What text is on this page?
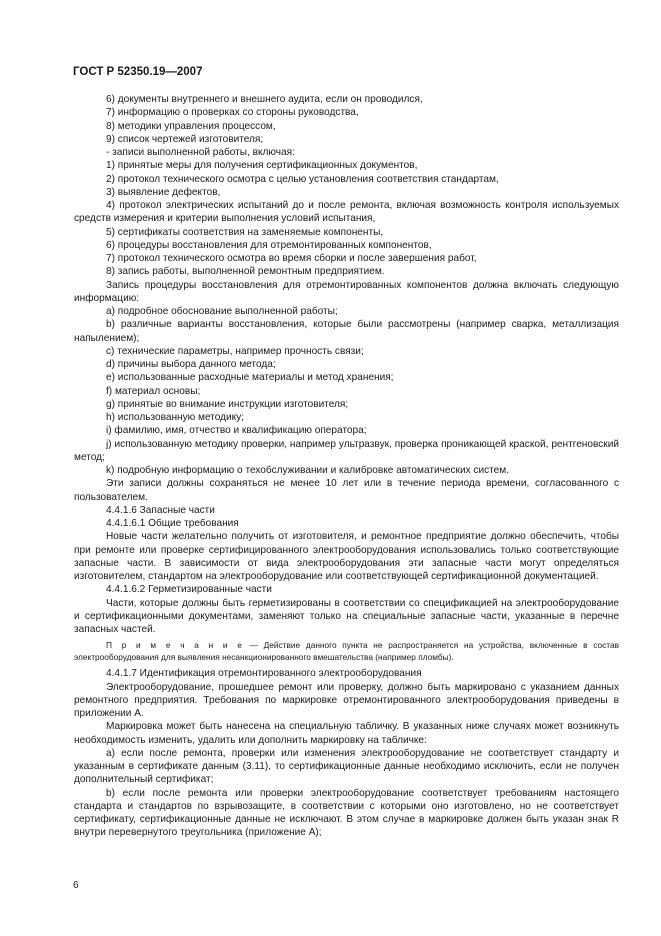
ГОСТ Р 52350.19—2007

6) документы внутреннего и внешнего аудита, если он проводился,

7) информацию о проверках со стороны руководства,

8) методики управления процессом,

9) список чертежей изготовителя;

- записи выполненной работы, включая:

1) принятые меры для получения сертификационных документов,

2) протокол технического осмотра с целью установления соответствия стандартам,

3) выявление дефектов,

4) протокол электрических испытаний до и после ремонта, включая возможность контроля используемых средств измерения и критерии выполнения условий испытания,

5) сертификаты соответствия на заменяемые компоненты,

6) процедуры восстановления для отремонтированных компонентов,

7) протокол технического осмотра во время сборки и после завершения работ,

8) запись работы, выполненной ремонтным предприятием.

Запись процедуры восстановления для отремонтированных компонентов должна включать следующую информацию:

a) подробное обоснование выполненной работы;

b) различные варианты восстановления, которые были рассмотрены (например сварка, металлизация напылением);

c) технические параметры, например прочность связи;

d) причины выбора данного метода;

e) использованные расходные материалы и метод хранения;

f) материал основы;

g) принятые во внимание инструкции изготовителя;

h) использованную методику;

i) фамилию, имя, отчество и квалификацию оператора;

j) использованную методику проверки, например ультразвук, проверка проникающей краской, рентгеновский метод;

k) подробную информацию о техобслуживании и калибровке автоматических систем.

Эти записи должны сохраняться не менее 10 лет или в течение периода времени, согласованного с пользователем.

4.4.1.6 Запасные части

4.4.1.6.1 Общие требования

Новые части желательно получить от изготовителя, и ремонтное предприятие должно обеспечить, чтобы при ремонте или проверке сертифицированного электрооборудования использовались только соответствующие запасные части. В зависимости от вида электрооборудования эти запасные части могут определяться изготовителем, стандартом на электрооборудование или соответствующей сертификационной документацией.

4.4.1.6.2 Герметизированные части

Части, которые должны быть герметизированы в соответствии со спецификацией на электрооборудование и сертификационными документами, заменяют только на специальные запасные части, указанные в перечне запасных частей.

П р и м е ч а н и е — Действие данного пункта не распространяется на устройства, включенные в состав электрооборудования для выявления несанкционированного вмешательства (например пломбы).

4.4.1.7 Идентификация отремонтированного электрооборудования

Электрооборудование, прошедшее ремонт или проверку, должно быть маркировано с указанием данных ремонтного предприятия. Требования по маркировке отремонтированного электрооборудования приведены в приложении А.

Маркировка может быть нанесена на специальную табличку. В указанных ниже случаях может возникнуть необходимость изменить, удалить или дополнить маркировку на табличке:

a) если после ремонта, проверки или изменения электрооборудование не соответствует стандарту и указанным в сертификате данным (3.11), то сертификационные данные необходимо исключить, если не получен дополнительный сертификат;

b) если после ремонта или проверки электрооборудование соответствует требованиям настоящего стандарта и стандартов по взрывозащите, в соответствии с которыми оно изготовлено, но не соответствует сертификату, сертификационные данные не исключают. В этом случае в маркировке должен быть указан знак R внутри перевернутого треугольника (приложение А);

6
